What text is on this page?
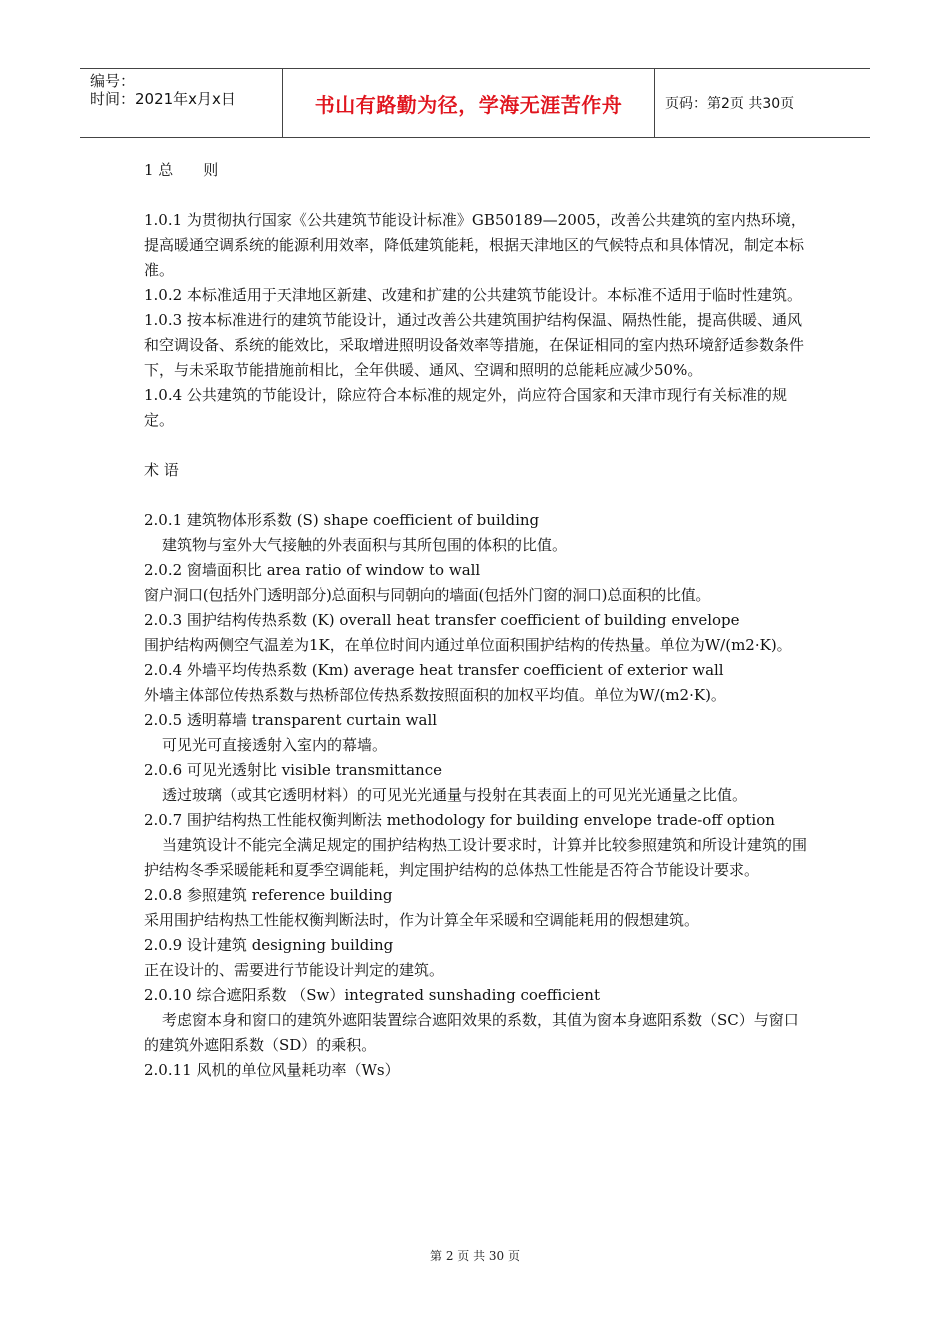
编号：
时间：2021年x月x日	书山有路勤为径，学海无涯苦作舟	页码：第2页 共30页

1 总　　则

1.0.1 为贯彻执行国家《公共建筑节能设计标准》GB50189—2005，改善公共建筑的室内热环境，提高暖通空调系统的能源利用效率，降低建筑能耗，根据天津地区的气候特点和具体情况，制定本标准。

1.0.2 本标准适用于天津地区新建、改建和扩建的公共建筑节能设计。本标准不适用于临时性建筑。

1.0.3 按本标准进行的建筑节能设计，通过改善公共建筑围护结构保温、隔热性能，提高供暖、通风和空调设备、系统的能效比，采取增进照明设备效率等措施，在保证相同的室内热环境舒适参数条件下，与未采取节能措施前相比，全年供暖、通风、空调和照明的总能耗应减少50%。

1.0.4 公共建筑的节能设计，除应符合本标准的规定外，尚应符合国家和天津市现行有关标准的规定。

术 语

2.0.1 建筑物体形系数 (S) shape coefficient of building

建筑物与室外大气接触的外表面积与其所包围的体积的比值。

2.0.2 窗墙面积比 area ratio of window to wall

窗户洞口(包括外门透明部分)总面积与同朝向的墙面(包括外门窗的洞口)总面积的比值。

2.0.3 围护结构传热系数 (K) overall heat transfer coefficient of building envelope

围护结构两侧空气温差为1K，在单位时间内通过单位面积围护结构的传热量。单位为W/(m2·K)。

2.0.4 外墙平均传热系数 (Km) average heat transfer coefficient of exterior wall

外墙主体部位传热系数与热桥部位传热系数按照面积的加权平均值。单位为W/(m2·K)。

2.0.5 透明幕墙 transparent curtain wall

可见光可直接透射入室内的幕墙。

2.0.6 可见光透射比 visible transmittance

透过玻璃（或其它透明材料）的可见光光通量与投射在其表面上的可见光光通量之比值。

2.0.7 围护结构热工性能权衡判断法 methodology for building envelope trade-off option

当建筑设计不能完全满足规定的围护结构热工设计要求时，计算并比较参照建筑和所设计建筑的围护结构冬季采暖能耗和夏季空调能耗，判定围护结构的总体热工性能是否符合节能设计要求。

2.0.8 参照建筑 reference building

采用围护结构热工性能权衡判断法时，作为计算全年采暖和空调能耗用的假想建筑。

2.0.9 设计建筑 designing building

正在设计的、需要进行节能设计判定的建筑。

2.0.10 综合遮阳系数 （Sw）integrated sunshading coefficient

考虑窗本身和窗口的建筑外遮阳装置综合遮阳效果的系数，其值为窗本身遮阳系数（SC）与窗口的建筑外遮阳系数（SD）的乘积。

2.0.11 风机的单位风量耗功率（Ws）

第 2 页 共 30 页
